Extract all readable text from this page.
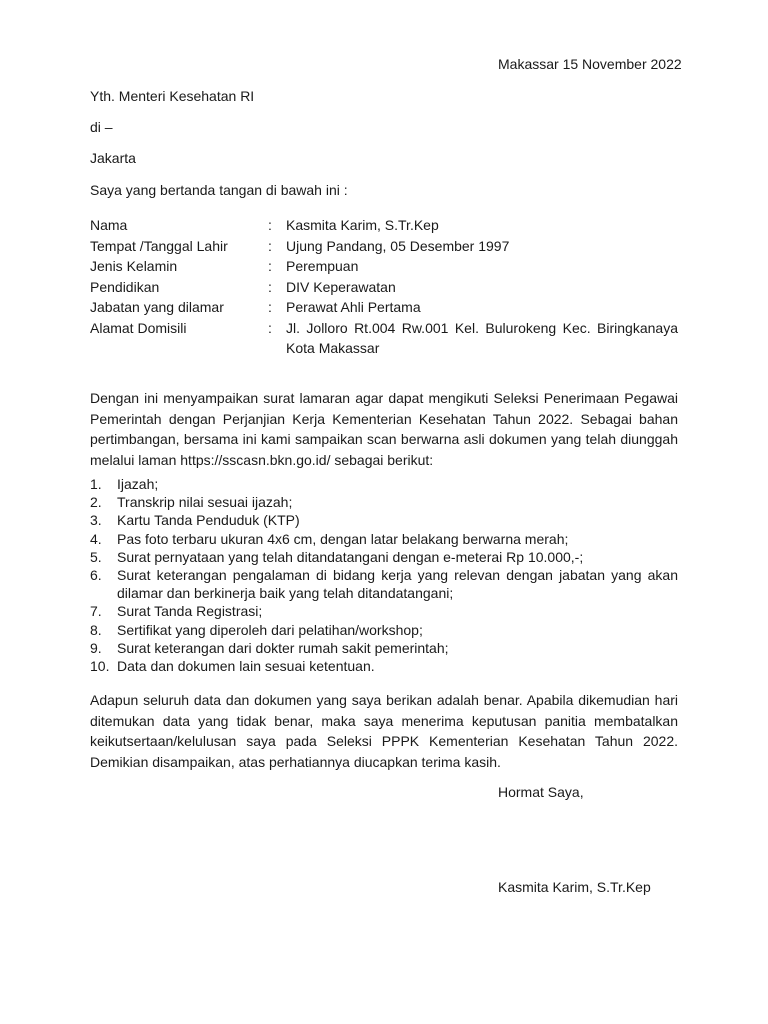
Makassar 15 November 2022
Yth. Menteri Kesehatan RI
di –
Jakarta
Saya yang bertanda tangan di bawah ini :
Nama	:	Kasmita Karim, S.Tr.Kep
Tempat /Tanggal Lahir	:	Ujung Pandang, 05 Desember 1997
Jenis Kelamin	:	Perempuan
Pendidikan	:	DIV Keperawatan
Jabatan yang dilamar	:	Perawat Ahli Pertama
Alamat Domisili	:	Jl. Jolloro Rt.004 Rw.001 Kel. Bulurokeng Kec. Biringkanaya Kota Makassar

Dengan ini menyampaikan surat lamaran agar dapat mengikuti Seleksi Penerimaan Pegawai Pemerintah dengan Perjanjian Kerja Kementerian Kesehatan Tahun 2022. Sebagai bahan pertimbangan, bersama ini kami sampaikan scan berwarna asli dokumen yang telah diunggah melalui laman https://sscasn.bkn.go.id/ sebagai berikut:

1.	Ijazah;
2.	Transkrip nilai sesuai ijazah;
3.	Kartu Tanda Penduduk (KTP)
4.	Pas foto terbaru ukuran 4x6 cm, dengan latar belakang berwarna merah;
5.	Surat pernyataan yang telah ditandatangani dengan e-meterai Rp 10.000,-;
6.	Surat keterangan pengalaman di bidang kerja yang relevan dengan jabatan yang akan dilamar dan berkinerja baik yang telah ditandatangani;
7.	Surat Tanda Registrasi;
8.	Sertifikat yang diperoleh dari pelatihan/workshop;
9.	Surat keterangan dari dokter rumah sakit pemerintah;
10. Data dan dokumen lain sesuai ketentuan.

Adapun seluruh data dan dokumen yang saya berikan adalah benar. Apabila dikemudian hari ditemukan data yang tidak benar, maka saya menerima keputusan panitia membatalkan keikutsertaan/kelulusan saya pada Seleksi PPPK Kementerian Kesehatan Tahun 2022. Demikian disampaikan, atas perhatiannya diucapkan terima kasih.

Hormat Saya,
Kasmita Karim, S.Tr.Kep
